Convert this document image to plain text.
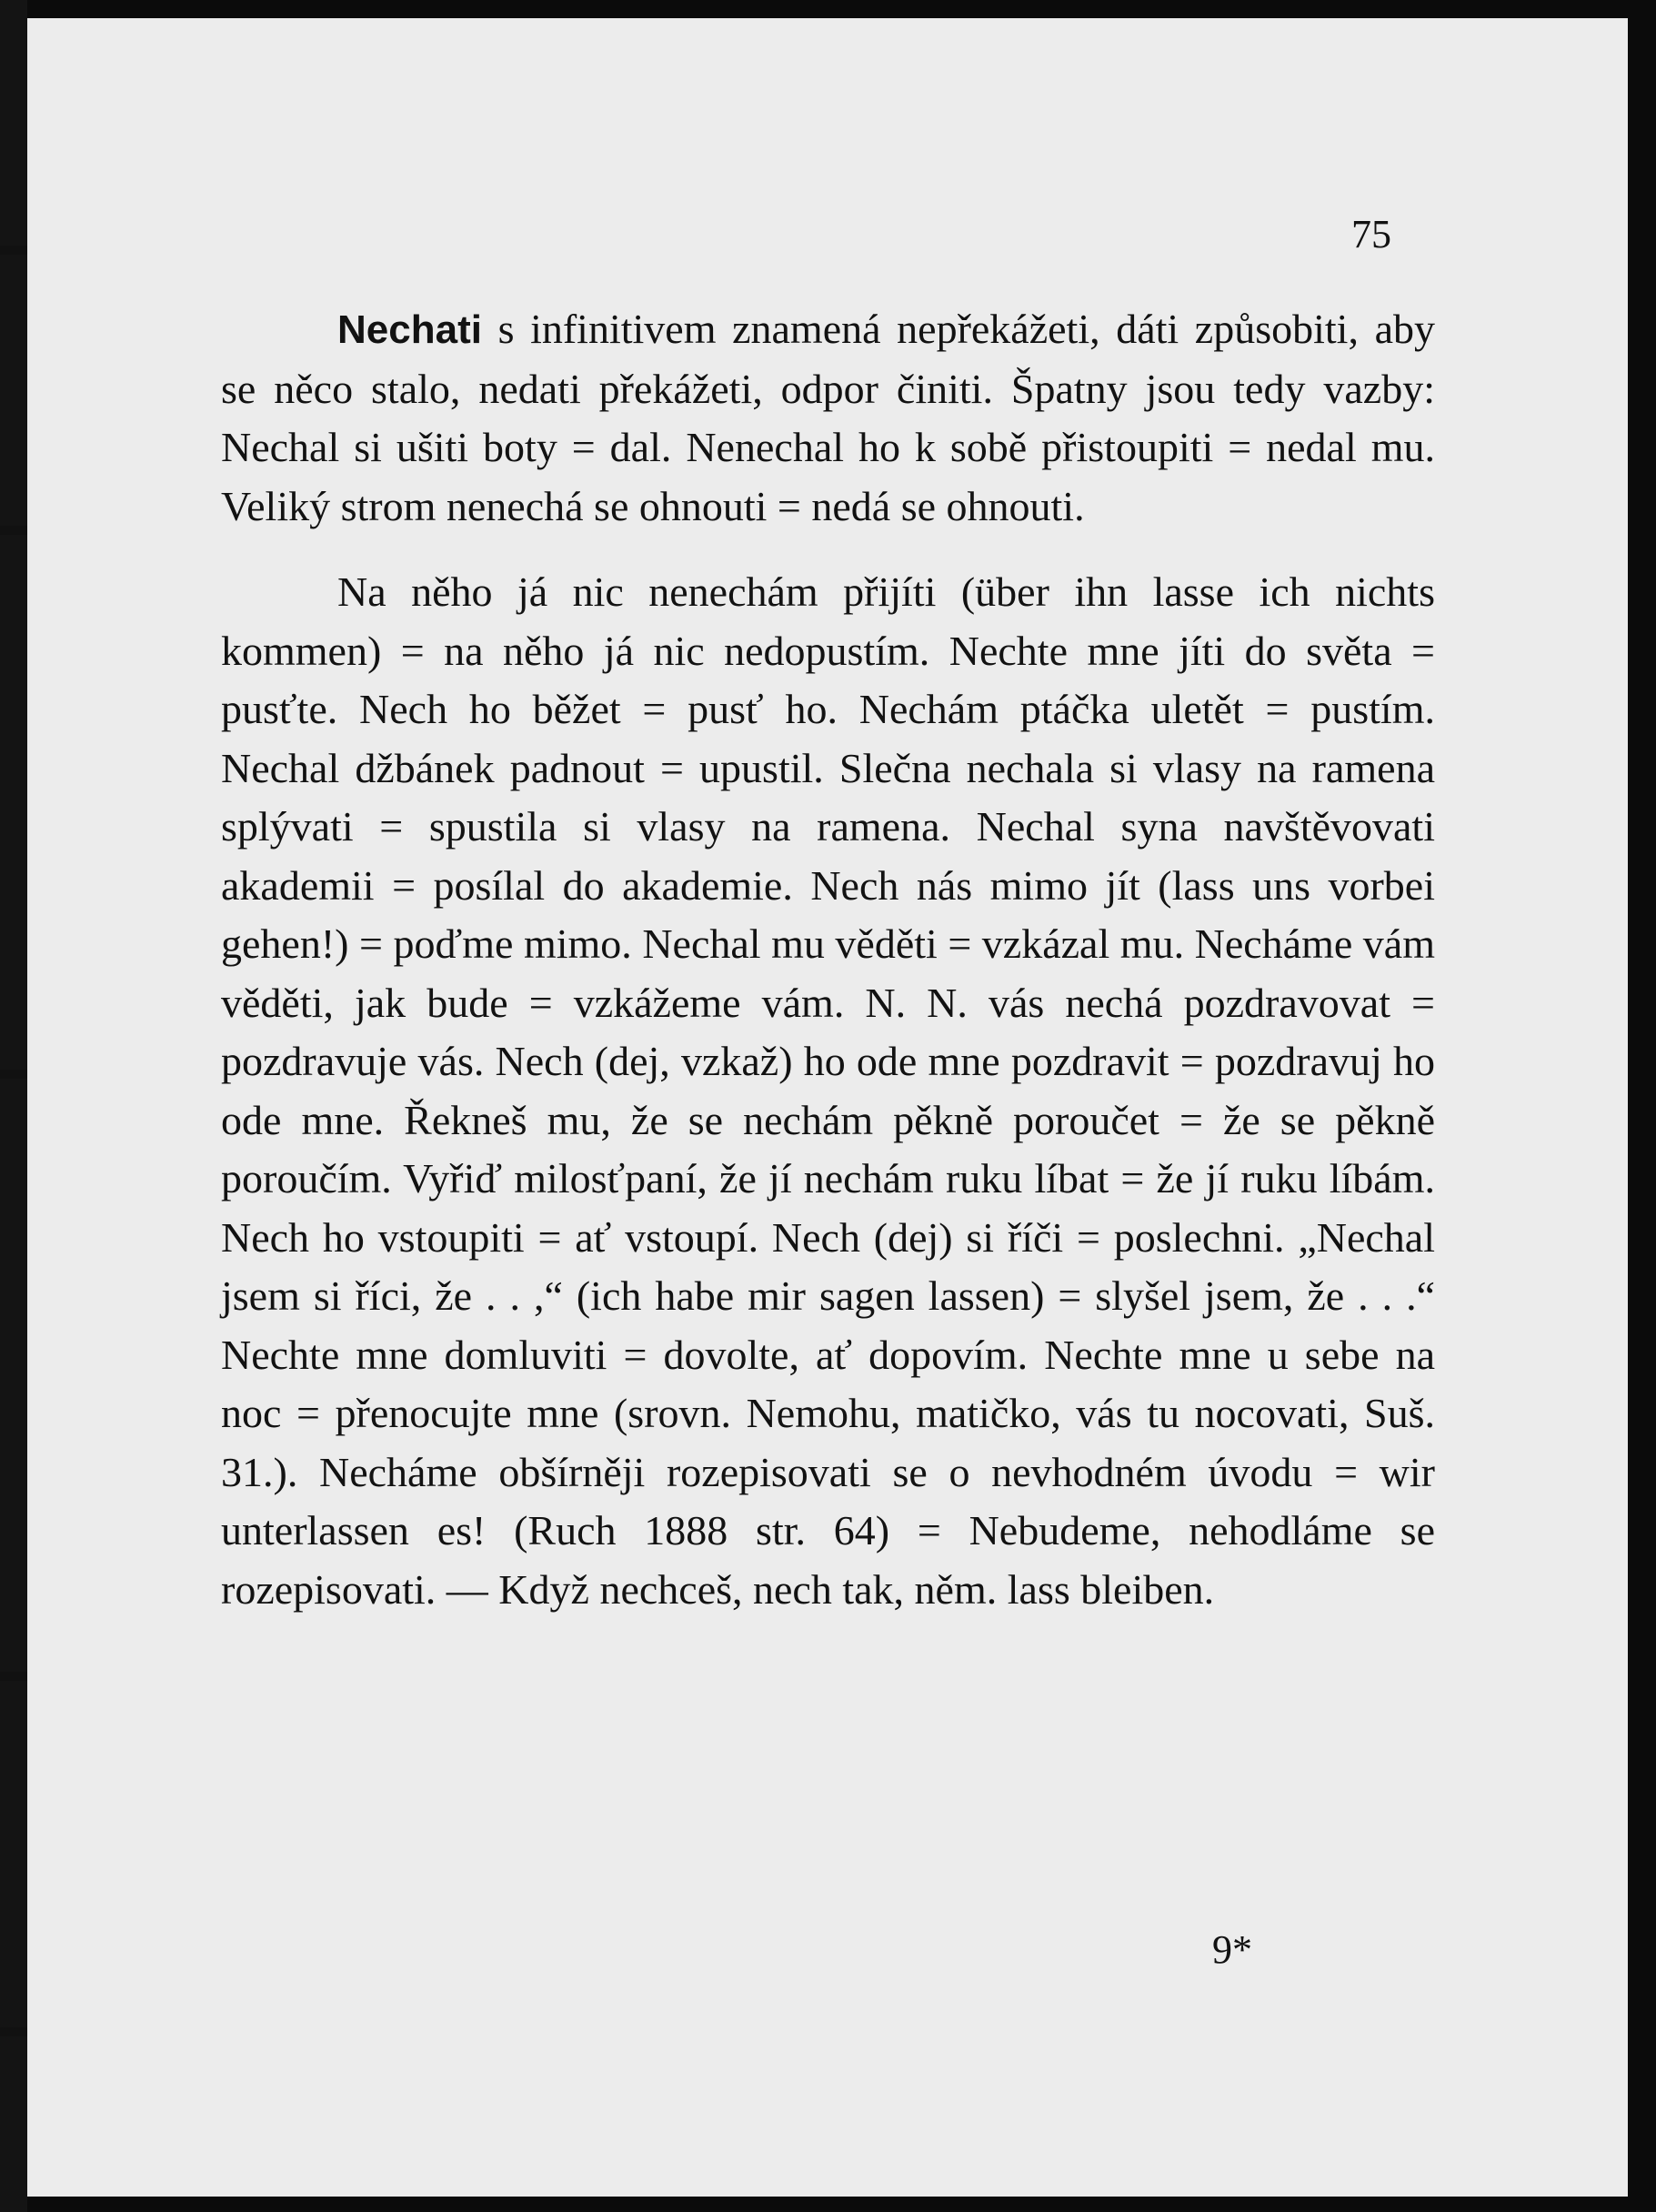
75

Nechati s infinitivem znamená nepřekážeti, dáti způsobiti, aby se něco stalo, nedati překážeti, odpor činiti. Špatny jsou tedy vazby: Nechal si ušiti boty = dal. Nenechal ho k sobě přistoupiti = nedal mu. Veliký strom nenechá se ohnouti = nedá se ohnouti.

Na něho já nic nenechám přijíti (über ihn lasse ich nichts kommen) = na něho já nic nedopustím. Nechte mne jíti do světa = pusťte. Nech ho běžet = pusť ho. Nechám ptáčka uletět = pustím. Nechal džbánek padnout = upustil. Slečna nechala si vlasy na ramena splývati = spustila si vlasy na ramena. Nechal syna navštěvovati akademii = posílal do akademie. Nech nás mimo jít (lass uns vorbei gehen!) = poďme mimo. Nechal mu věděti = vzkázal mu. Necháme vám věděti, jak bude = vzkážeme vám. N. N. vás nechá pozdravovat = pozdravuje vás. Nech (dej, vzkaž) ho ode mne pozdravit = pozdravuj ho ode mne. Řekneš mu, že se nechám pěkně poroučet = že se pěkně poroučím. Vyřiď milosťpaní, že jí nechám ruku líbat = že jí ruku líbám. Nech ho vstoupiti = ať vstoupí. Nech (dej) si říči = poslechni. „Nechal jsem si říci, že . . ,“ (ich habe mir sagen lassen) = slyšel jsem, že . . .“ Nechte mne domluviti = dovolte, ať dopovím. Nechte mne u sebe na noc = přenocujte mne (srovn. Nemohu, matičko, vás tu nocovati, Suš. 31.). Necháme obšírněji rozepisovati se o nevhodném úvodu = wir unterlassen es! (Ruch 1888 str. 64) = Nebudeme, nehodláme se rozepisovati. — Když nechceš, nech tak, něm. lass bleiben.

9*
